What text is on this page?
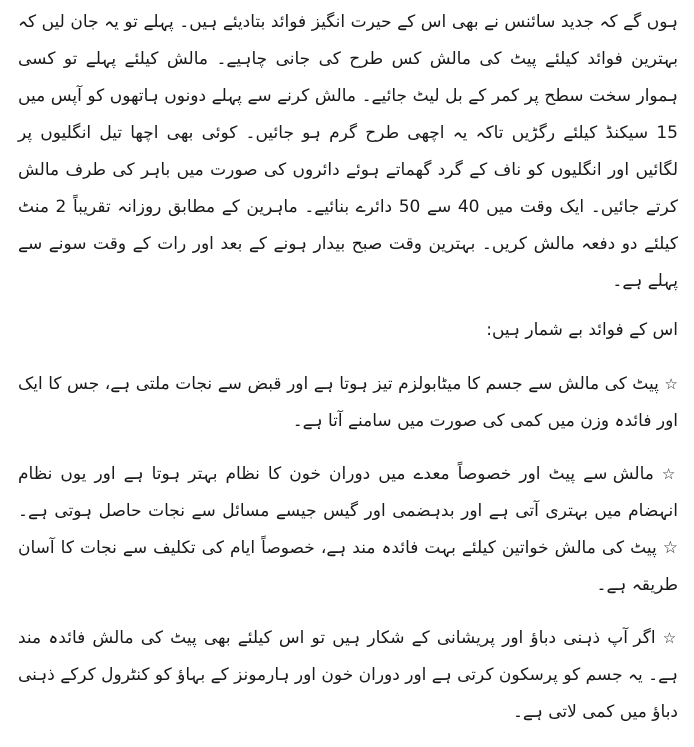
ہوں گے کہ جدید سائنس نے بھی اس کے حیرت انگیز فوائد بتادیئے ہیں۔ پہلے تو یہ جان لیں کہ بہترین فوائد کیلئے پیٹ کی مالش کس طرح کی جانی چاہیے۔ مالش کیلئے پہلے تو کسی ہموار سخت سطح پر کمر کے بل لیٹ جائیے۔ مالش کرنے سے پہلے دونوں ہاتھوں کو آپس میں 15 سیکنڈ کیلئے رگڑیں تاکہ یہ اچھی طرح گرم ہو جائیں۔ کوئی بھی اچھا تیل انگلیوں پر لگائیں اور انگلیوں کو ناف کے گرد گھماتے ہوئے دائروں کی صورت میں باہر کی طرف مالش کرتے جائیں۔ ایک وقت میں 40 سے 50 دائرے بنائیے۔ ماہرین کے مطابق روزانہ تقریباً 2 منٹ کیلئے دو دفعہ مالش کریں۔ بہترین وقت صبح بیدار ہونے کے بعد اور رات کے وقت سونے سے پہلے ہے۔

اس کے فوائد بے شمار ہیں:

☆ پیٹ کی مالش سے جسم کا میٹابولزم تیز ہوتا ہے اور قبض سے نجات ملتی ہے، جس کا ایک اور فائدہ وزن میں کمی کی صورت میں سامنے آتا ہے۔

☆ مالش سے پیٹ اور خصوصاً معدے میں دوران خون کا نظام بہتر ہوتا ہے اور یوں نظام انہضام میں بہتری آتی ہے اور بدہضمی اور گیس جیسے مسائل سے نجات حاصل ہوتی ہے۔ ☆ پیٹ کی مالش خواتین کیلئے بہت فائدہ مند ہے، خصوصاً ایام کی تکلیف سے نجات کا آسان طریقہ ہے۔

☆ اگر آپ ذہنی دباؤ اور پریشانی کے شکار ہیں تو اس کیلئے بھی پیٹ کی مالش فائدہ مند ہے۔ یہ جسم کو پرسکون کرتی ہے اور دوران خون اور ہارمونز کے بہاؤ کو کنٹرول کرکے ذہنی دباؤ میں کمی لاتی ہے۔
